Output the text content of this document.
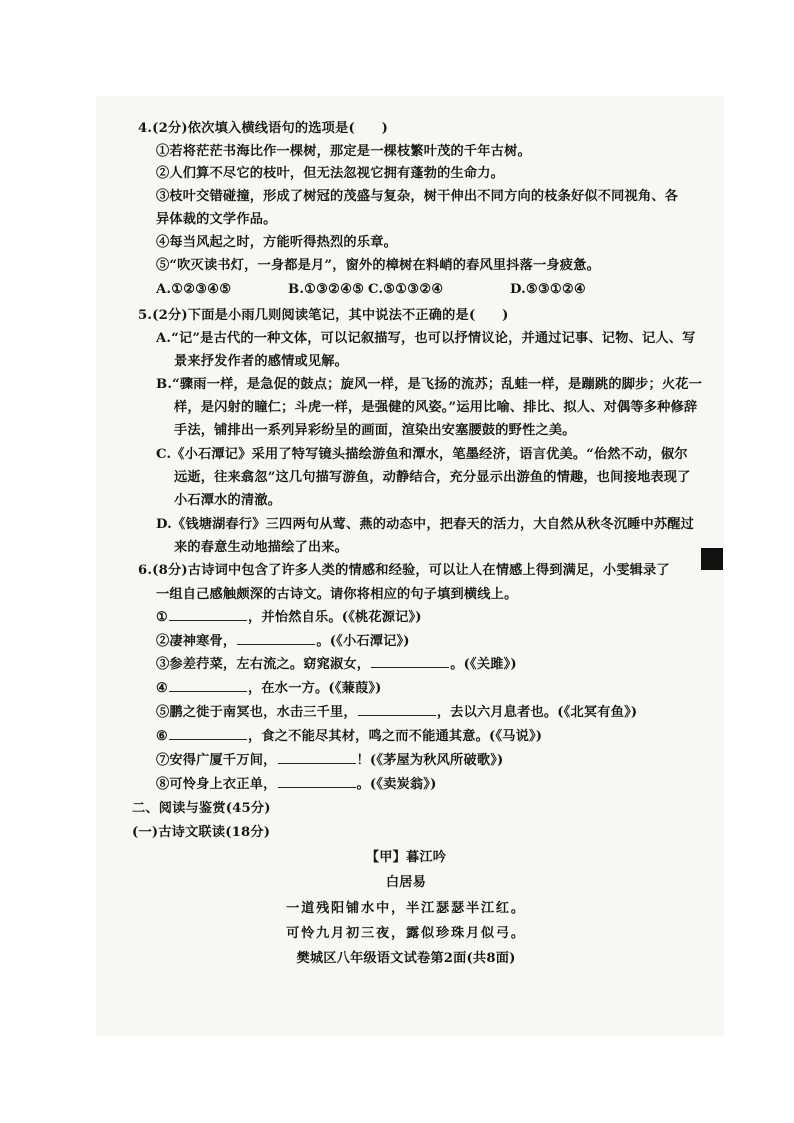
4.(2分)依次填入横线语句的选项是(　　)
①若将茫茫书海比作一棵树，那定是一棵枝繁叶茂的千年古树。
②人们算不尽它的枝叶，但无法忽视它拥有蓬勃的生命力。
③枝叶交错碰撞，形成了树冠的茂盛与复杂，树干伸出不同方向的枝条好似不同视角、各
异体裁的文学作品。
④每当风起之时，方能听得热烈的乐章。
⑤“吹灭读书灯，一身都是月”，窗外的樟树在料峭的春风里抖落一身疲惫。
A.①②③④⑤	B.①③②④⑤ C.⑤①③②④	D.⑤③①②④
5.(2分)下面是小雨几则阅读笔记，其中说法不正确的是(　　)
A.“记”是古代的一种文体，可以记叙描写，也可以抒情议论，并通过记事、记物、记人、写
景来抒发作者的感情或见解。
B.“骤雨一样，是急促的鼓点；旋风一样，是飞扬的流苏；乱蛙一样，是蹦跳的脚步；火花一
样，是闪射的瞳仁；斗虎一样，是强健的风姿。”运用比喻、排比、拟人、对偶等多种修辞
手法，铺排出一系列异彩纷呈的画面，渲染出安塞腰鼓的野性之美。
C.《小石潭记》采用了特写镜头描绘游鱼和潭水，笔墨经济，语言优美。“佁然不动，俶尔
远逝，往来翕忽”这几句描写游鱼，动静结合，充分显示出游鱼的情趣，也间接地表现了
小石潭水的清澈。
D.《钱塘湖春行》三四两句从莺、燕的动态中，把春天的活力，大自然从秋冬沉睡中苏醒过
来的春意生动地描绘了出来。
6.(8分)古诗词中包含了许多人类的情感和经验，可以让人在情感上得到满足，小雯辑录了
一组自己感触颇深的古诗文。请你将相应的句子填到横线上。
①	，并怡然自乐。(《桃花源记》)
②凄神寒骨，	。(《小石潭记》)
③参差荇菜，左右流之。窈窕淑女，	。(《关雎》)
④	，在水一方。(《蒹葭》)
⑤鹏之徙于南冥也，水击三千里，	，去以六月息者也。(《北冥有鱼》)
⑥	，食之不能尽其材，鸣之而不能通其意。(《马说》)
⑦安得广厦千万间，	！(《茅屋为秋风所破歌》)
⑧可怜身上衣正单，	。(《卖炭翁》)
二、阅读与鉴赏(45分)
(一)古诗文联读(18分)
【甲】暮江吟
白居易
一道残阳铺水中，半江瑟瑟半江红。
可怜九月初三夜，露似珍珠月似弓。
樊城区八年级语文试卷第2面(共8面)
